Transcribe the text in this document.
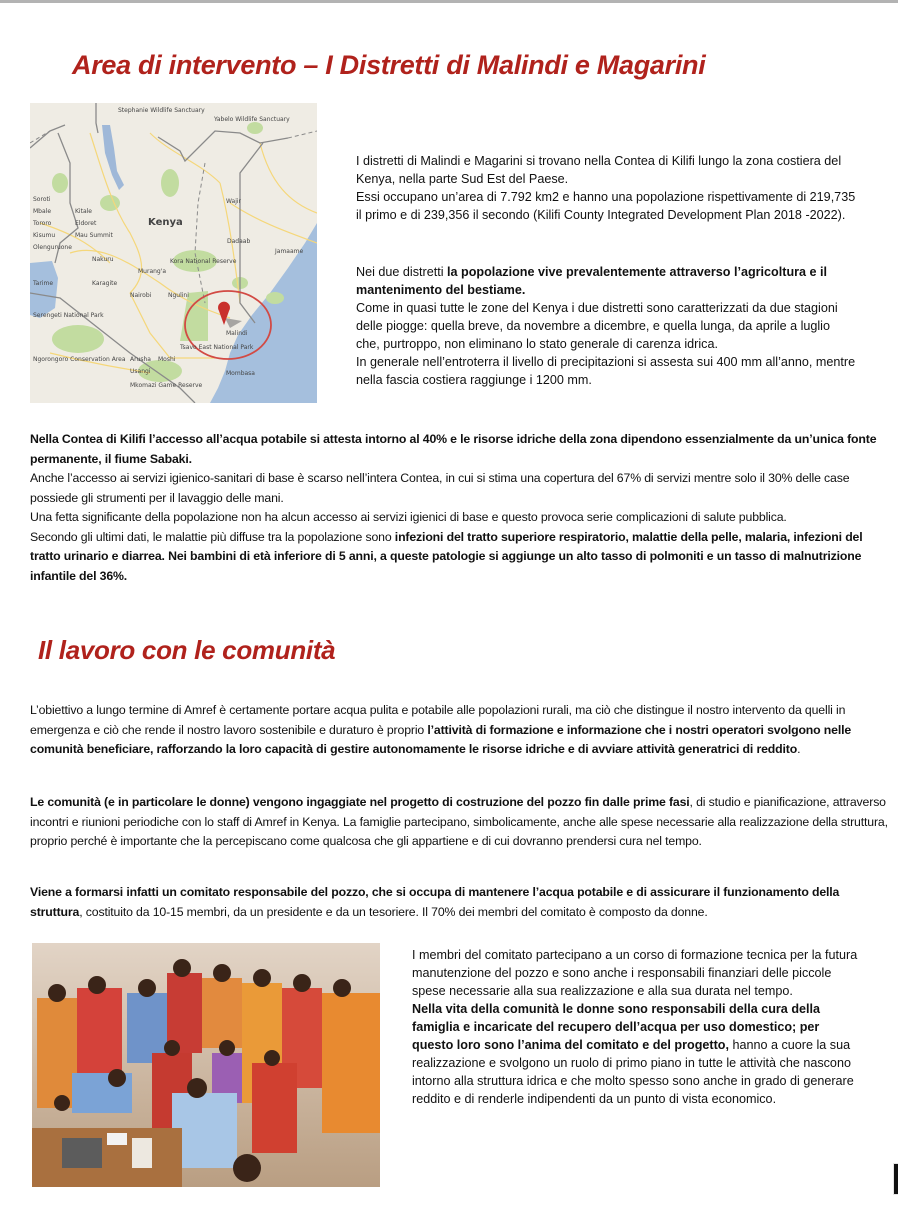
Area di intervento – I Distretti di Malindi e Magarini
Stephanie Wildlife Sanctuary
Yabelo Wildlife Sanctuary
Kenya
Wajir
Dadaab
Jamaame
Soroti
Mbale	Kitale
Tororo	Eldoret
Kisumu	Mau Summit
Olenguruone
Nakuru	Kora National Reserve
Murang'a
Karagite
Tarime
Nairobi	Ngulini
Serengeti National Park
Malindi
Tsavo East National Park
Ngorongoro Conservation Area Arusha Moshi
Usangi	Mombasa
Mkomazi Game Reserve

I distretti di Malindi e Magarini si trovano nella Contea di Kilifi lungo la zona costiera del Kenya, nella parte Sud Est del Paese.

Essi occupano un’area di 7.792 km2 e hanno una popolazione rispettivamente di 219,735 il primo e di 239,356 il secondo (Kilifi County Integrated Development Plan 2018 -2022).

Nei due distretti la popolazione vive prevalentemente attraverso l’agricoltura e il mantenimento del bestiame.

Come in quasi tutte le zone del Kenya i due distretti sono caratterizzati da due stagioni delle piogge: quella breve, da novembre a dicembre, e quella lunga, da aprile a luglio che, purtroppo, non eliminano lo stato generale di carenza idrica.

In generale nell’entroterra il livello di precipitazioni si assesta sui 400 mm all’anno, mentre nella fascia costiera raggiunge i 1200 mm.

Nella Contea di Kilifi l’accesso all’acqua potabile si attesta intorno al 40% e le risorse idriche della zona dipendono essenzialmente da un’unica fonte permanente, il fiume Sabaki.

Anche l’accesso ai servizi igienico-sanitari di base è scarso nell’intera Contea, in cui si stima una copertura del 67% di servizi mentre solo il 30% delle case possiede gli strumenti per il lavaggio delle mani.

Una fetta significante della popolazione non ha alcun accesso ai servizi igienici di base e questo provoca serie complicazioni di salute pubblica.

Secondo gli ultimi dati, le malattie più diffuse tra la popolazione sono infezioni del tratto superiore respiratorio, malattie della pelle, malaria, infezioni del tratto urinario e diarrea. Nei bambini di età inferiore di 5 anni, a queste patologie si aggiunge un alto tasso di polmoniti e un tasso di malnutrizione infantile del 36%.

Il lavoro con le comunità

L’obiettivo a lungo termine di Amref è certamente portare acqua pulita e potabile alle popolazioni rurali, ma ciò che distingue il nostro intervento da quelli in emergenza e ciò che rende il nostro lavoro sostenibile e duraturo è proprio l’attività di formazione e informazione che i nostri operatori svolgono nelle comunità beneficiare, rafforzando la loro capacità di gestire autonomamente le risorse idriche e di avviare attività generatrici di reddito.

Le comunità (e in particolare le donne) vengono ingaggiate nel progetto di costruzione del pozzo fin dalle prime fasi, di studio e pianificazione, attraverso incontri e riunioni periodiche con lo staff di Amref in Kenya. La famiglie partecipano, simbolicamente, anche alle spese necessarie alla realizzazione della struttura, proprio perché è importante che la percepiscano come qualcosa che gli appartiene e di cui dovranno prendersi cura nel tempo.

Viene a formarsi infatti un comitato responsabile del pozzo, che si occupa di mantenere l’acqua potabile e di assicurare il funzionamento della struttura, costituito da 10-15 membri, da un presidente e da un tesoriere. Il 70% dei membri del comitato è composto da donne.

I membri del comitato partecipano a un corso di formazione tecnica per la futura manutenzione del pozzo e sono anche i responsabili finanziari delle piccole spese necessarie alla sua realizzazione e alla sua durata nel tempo.

Nella vita della comunità le donne sono responsabili della cura della famiglia e incaricate del recupero dell’acqua per uso domestico; per questo loro sono l’anima del comitato e del progetto, hanno a cuore la sua realizzazione e svolgono un ruolo di primo piano in tutte le attività che nascono intorno alla struttura idrica e che molto spesso sono anche in grado di generare reddito e di renderle indipendenti da un punto di vista economico.
